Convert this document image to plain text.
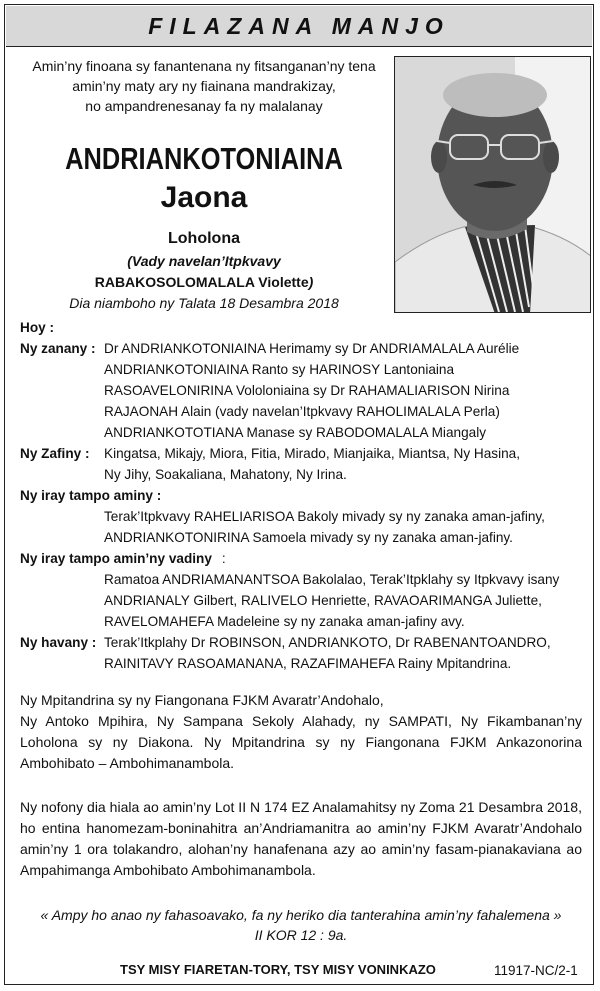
FILAZANA MANJO
Amin’ny finoana sy fanantenana ny fitsanganan’ny tena
amin’ny maty ary ny fiainana mandrakizay,
no ampandrenesanay fa ny malalanay
ANDRIANKOTONIAINA
Jaona
Loholona
(Vady navelan’Itpkvavy
RABAKOSOLOMALALA Violette)
Dia niamboho ny Talata 18 Desambra 2018
Hoy :
Ny zanany : Dr ANDRIANKOTONIAINA Herimamy sy Dr ANDRIAMALALA Aurélie
ANDRIANKOTONIAINA Ranto sy HARINOSY Lantoniaina
RASOAVELONIRINA Vololoniaina sy Dr RAHAMALIARISON Nirina
RAJAONAH Alain (vady navelan’Itpkvavy RAHOLIMALALA Perla)
ANDRIANKOTOTIANA Manase sy RABODOMALALA Miangaly
Ny Zafiny : Kingatsa, Mikajy, Miora, Fitia, Mirado, Mianjaika, Miantsa, Ny Hasina,
Ny Jihy, Soakaliana, Mahatony, Ny Irina.
Ny iray tampo aminy :
Terak’Itpkvavy RAHELIARISOA Bakoly mivady sy ny zanaka aman-jafiny,
ANDRIANKOTONIRINA Samoela mivady sy ny zanaka aman-jafiny.
Ny iray tampo amin’ny vadiny :
Ramatoa ANDRIAMANANTSOA Bakolalao, Terak’Itpklahy sy Itpkvavy isany
ANDRIANALY Gilbert, RALIVELO Henriette, RAVAOARIMANGA Juliette,
RAVELOMAHEFA Madeleine sy ny zanaka aman-jafiny avy.
Ny havany : Terak’Itkplahy Dr ROBINSON, ANDRIANKOTO, Dr RABENANTOANDRO,
RAINITAVY RASOAMANANA, RAZAFIMAHEFA Rainy Mpitandrina.
Ny Mpitandrina sy ny Fiangonana FJKM Avaratr’Andohalo,
Ny Antoko Mpihira, Ny Sampana Sekoly Alahady, ny SAMPATI, Ny Fikambanan’ny Loholona sy ny Diakona. Ny Mpitandrina sy ny Fiangonana FJKM Ankazonorina Ambohibato – Ambohimanambola.
Ny nofony dia hiala ao amin’ny Lot II N 174 EZ Analamahitsy ny Zoma 21 Desambra 2018, ho entina hanomezam-boninahitra an’Andriamanitra ao amin’ny FJKM Avaratr’Andohalo amin’ny 1 ora tolakandro, alohan’ny hanafenana azy ao amin’ny fasam-pianakaviana ao Ampahimanga Ambohibato Ambohimanambola.
« Ampy ho anao ny fahasoavako, fa ny heriko dia tanterahina amin’ny fahalemena »
II KOR 12 : 9a.
TSY MISY FIARETAN-TORY, TSY MISY VONINKAZO	11917-NC/2-1
